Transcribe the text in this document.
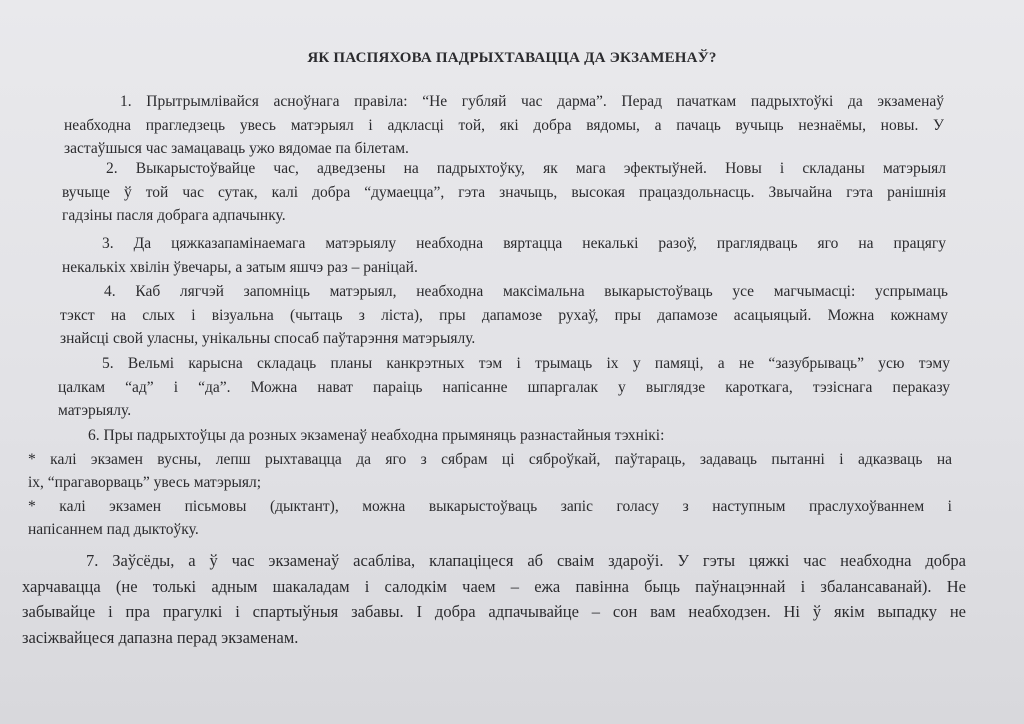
ЯК ПАСПЯХОВА ПАДРЫХТАВАЦЦА ДА ЭКЗАМЕНАЎ?
1. Прытрымлівайся асноўнага правіла: “Не губляй час дарма”. Перад пачаткам падрыхтоўкі да экзаменаў
неабходна прагледзець увесь матэрыял і адкласці той, які добра вядомы, а пачаць вучыць незнаёмы, новы. У
застаўшыся час замацаваць ужо вядомае па білетам.
2. Выкарыстоўвайце час, адведзены на падрыхтоўку, як мага эфектыўней. Новы і складаны матэрыял
вучыце ў той час сутак, калі добра “думаецца”, гэта значыць, высокая працаздольнасць. Звычайна гэта ранішнія
гадзіны пасля добрага адпачынку.
3. Да цяжказапамінаемага матэрыялу неабходна вяртацца некалькі разоў, праглядваць яго на працягу
некалькіх хвілін ўвечары, а затым яшчэ раз – раніцай.
4. Каб лягчэй запомніць матэрыял, неабходна максімальна выкарыстоўваць усе магчымасці: успрымаць
тэкст на слых і візуальна (чытаць з ліста), пры дапамозе руxаў, пры дапамозе асацыяцый. Можна кожнаму
знайсці свой уласны, унікальны спосаб паўтарэння матэрыялу.
5. Вельмі карысна складаць планы канкрэтных тэм і трымаць іх у памяці, а не “зазубрываць” усю тэму
цалкам “ад” і “да”. Можна нават параіць напісанне шпаргалак у выглядзе кароткага, тэзіснага пераказу
матэрыялу.
6. Пры падрыхтоўцы да розных экзаменаў неабходна прымяняць разнастайныя тэхнікі:
* калі экзамен вусны, лепш рыхтавацца да яго з сябрам ці сяброўкай, паўтараць, задаваць пытанні і адказваць на
іх, “прагаворваць” увесь матэрыял;
* калі экзамен пісьмовы (дыктант), можна выкарыстоўваць запіс голасу з наступным праслухоўваннем і
напісаннем пад дыктоўку.
7. Заўсёды, а ў час экзаменаў асабліва, клапаціцеся аб сваім здароўі. У гэты цяжкі час неабходна добра
харчавацца (не толькі адным шакаладам і салодкім чаем – ежа павінна быць паўнацэннай і збалансаванай). Не
забывайце і пра прагулкі і спартыўныя забавы. І добра адпачывайце – сон вам неабходзен. Ні ў якім выпадку не
засіжвайцеся дапазна перад экзаменам.
